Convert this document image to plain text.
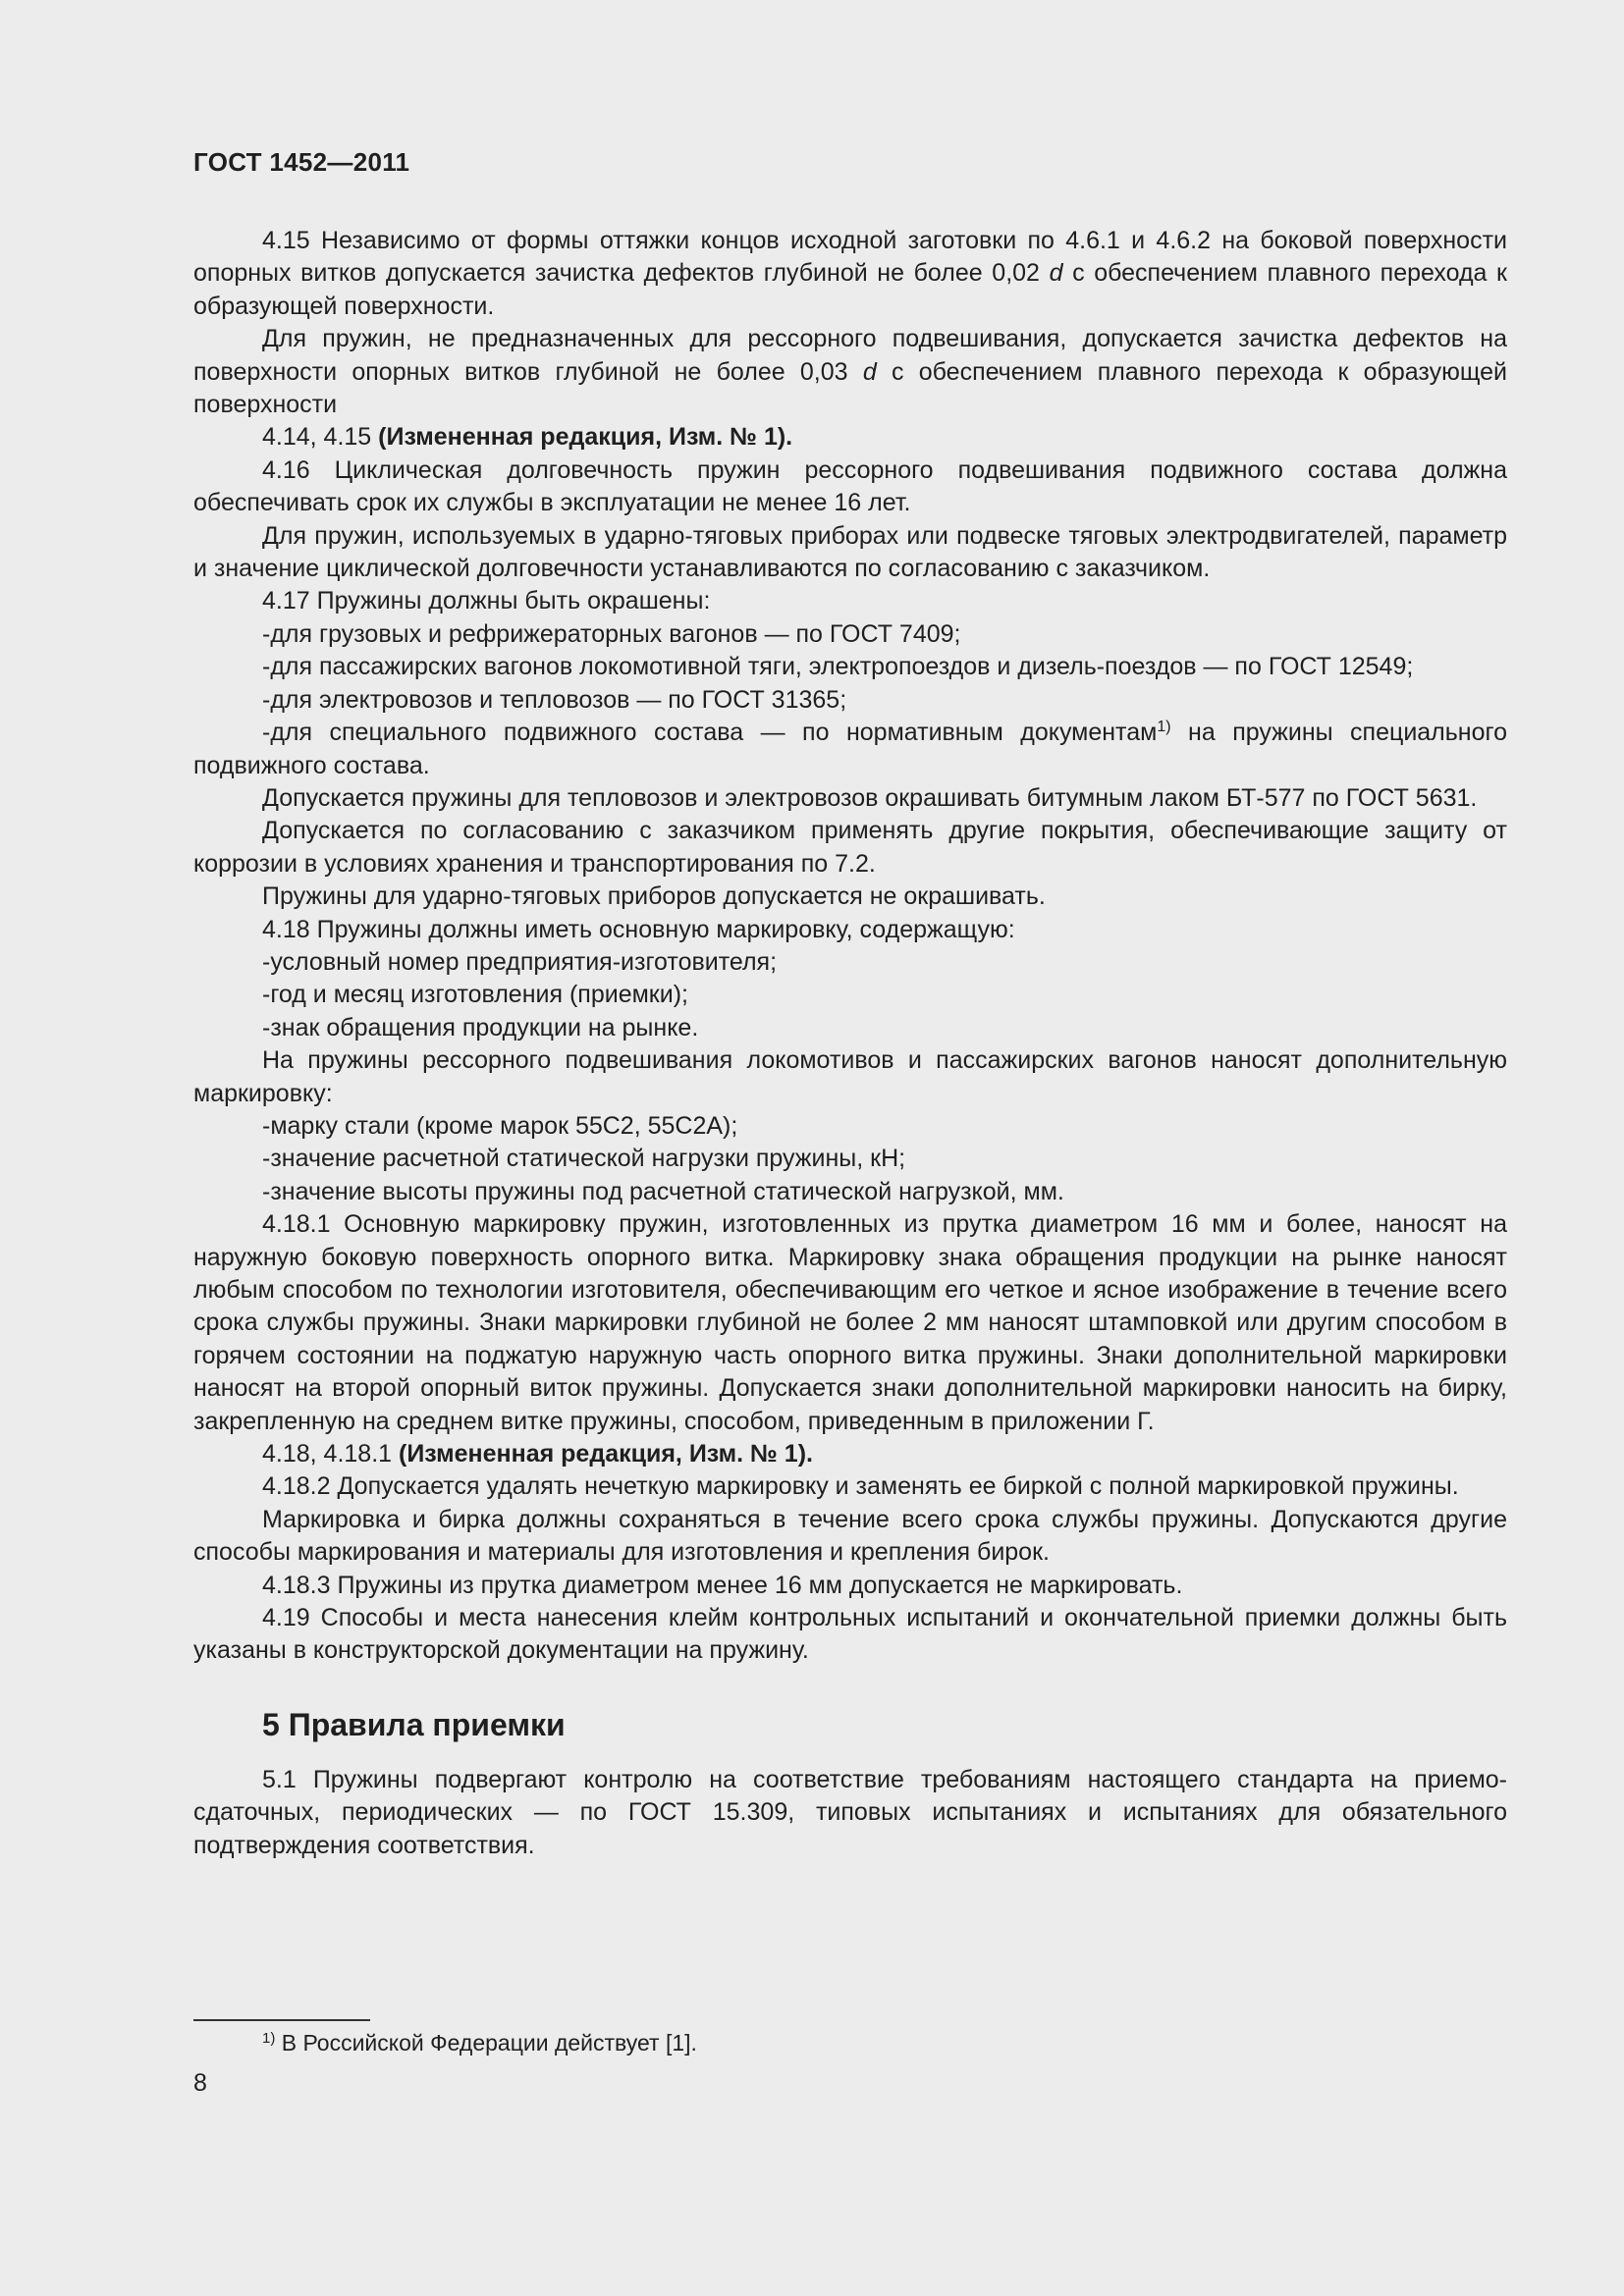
ГОСТ 1452—2011

4.15 Независимо от формы оттяжки концов исходной заготовки по 4.6.1 и 4.6.2 на боковой поверхности опорных витков допускается зачистка дефектов глубиной не более 0,02 d с обеспечением плавного перехода к образующей поверхности.

Для пружин, не предназначенных для рессорного подвешивания, допускается зачистка дефектов на поверхности опорных витков глубиной не более 0,03 d с обеспечением плавного перехода к образующей поверхности

4.14, 4.15 (Измененная редакция, Изм. № 1).

4.16 Циклическая долговечность пружин рессорного подвешивания подвижного состава должна обеспечивать срок их службы в эксплуатации не менее 16 лет.

Для пружин, используемых в ударно-тяговых приборах или подвеске тяговых электродвигателей, параметр и значение циклической долговечности устанавливаются по согласованию с заказчиком.

4.17 Пружины должны быть окрашены:

-для грузовых и рефрижераторных вагонов — по ГОСТ 7409;

-для пассажирских вагонов локомотивной тяги, электропоездов и дизель-поездов — по ГОСТ 12549;

-для электровозов и тепловозов — по ГОСТ 31365;

-для специального подвижного состава — по нормативным документам$^{1)}$ на пружины специального подвижного состава.

Допускается пружины для тепловозов и электровозов окрашивать битумным лаком БТ-577 по ГОСТ 5631.

Допускается по согласованию с заказчиком применять другие покрытия, обеспечивающие защиту от коррозии в условиях хранения и транспортирования по 7.2.

Пружины для ударно-тяговых приборов допускается не окрашивать.

4.18 Пружины должны иметь основную маркировку, содержащую:

-условный номер предприятия-изготовителя;

-год и месяц изготовления (приемки);

-знак обращения продукции на рынке.

На пружины рессорного подвешивания локомотивов и пассажирских вагонов наносят дополнительную маркировку:

-марку стали (кроме марок 55С2, 55С2А);

-значение расчетной статической нагрузки пружины, кН;

-значение высоты пружины под расчетной статической нагрузкой, мм.

4.18.1 Основную маркировку пружин, изготовленных из прутка диаметром 16 мм и более, наносят на наружную боковую поверхность опорного витка. Маркировку знака обращения продукции на рынке наносят любым способом по технологии изготовителя, обеспечивающим его четкое и ясное изображение в течение всего срока службы пружины. Знаки маркировки глубиной не более 2 мм наносят штамповкой или другим способом в горячем состоянии на поджатую наружную часть опорного витка пружины. Знаки дополнительной маркировки наносят на второй опорный виток пружины. Допускается знаки дополнительной маркировки наносить на бирку, закрепленную на среднем витке пружины, способом, приведенным в приложении Г.

4.18, 4.18.1 (Измененная редакция, Изм. № 1).

4.18.2 Допускается удалять нечеткую маркировку и заменять ее биркой с полной маркировкой пружины.

Маркировка и бирка должны сохраняться в течение всего срока службы пружины. Допускаются другие способы маркирования и материалы для изготовления и крепления бирок.

4.18.3 Пружины из прутка диаметром менее 16 мм допускается не маркировать.

4.19 Способы и места нанесения клейм контрольных испытаний и окончательной приемки должны быть указаны в конструкторской документации на пружину.

5 Правила приемки

5.1 Пружины подвергают контролю на соответствие требованиям настоящего стандарта на приемо-сдаточных, периодических — по ГОСТ 15.309, типовых испытаниях и испытаниях для обязательного подтверждения соответствия.

$^{1)}$ В Российской Федерации действует [1].
8
